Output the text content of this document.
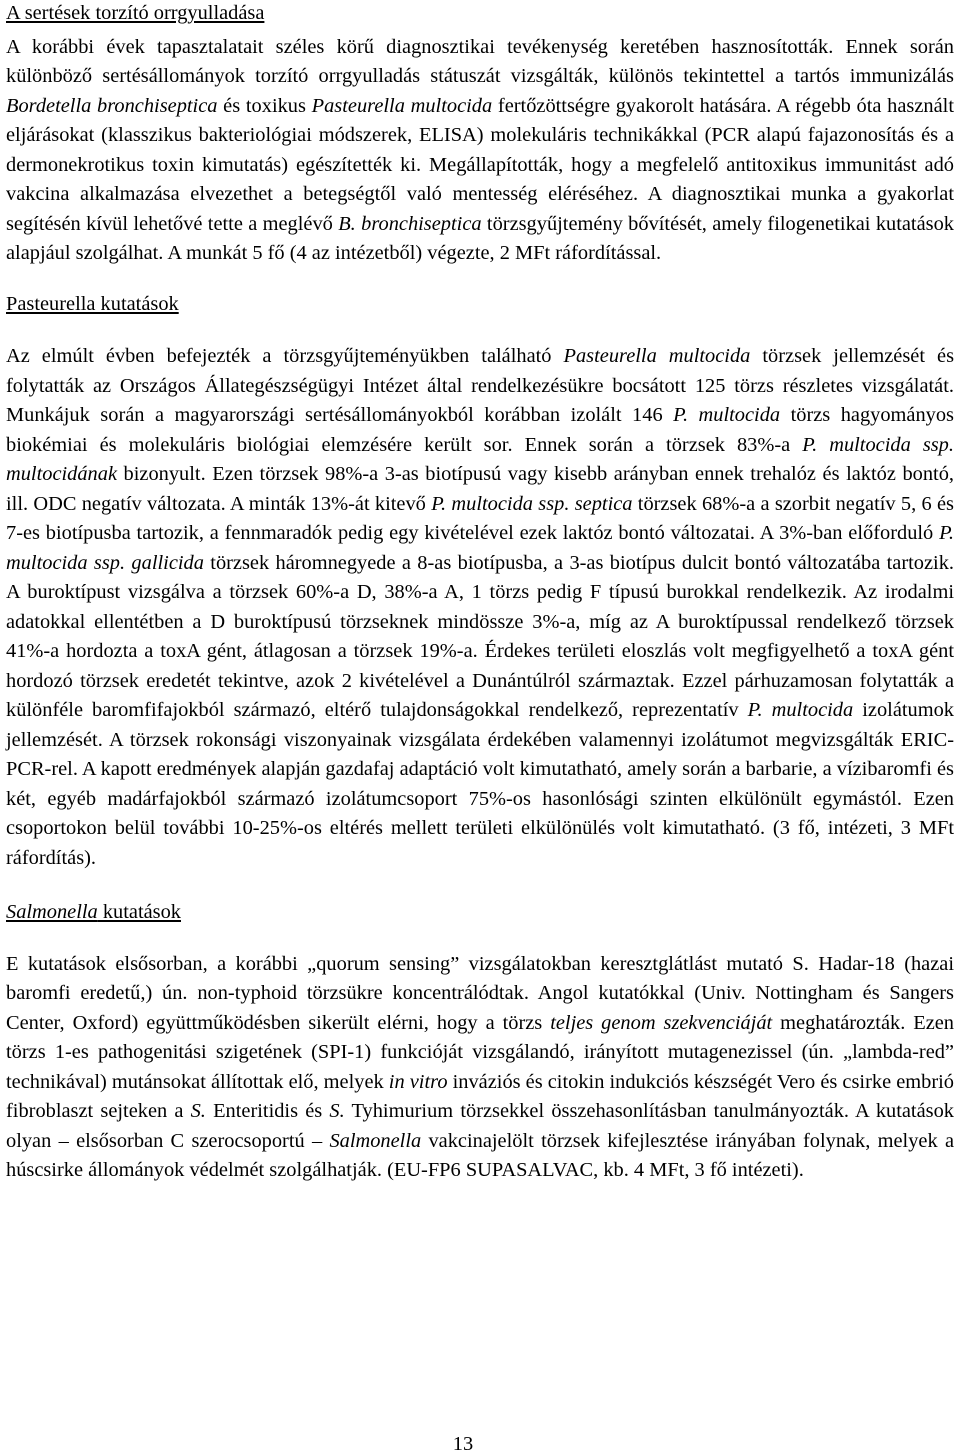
A sertések torzító orrgyulladása

A korábbi évek tapasztalatait széles körű diagnosztikai tevékenység keretében hasznosították. Ennek során különböző sertésállományok torzító orrgyulladás státuszát vizsgálták, különös tekintettel a tartós immunizálás Bordetella bronchiseptica és toxikus Pasteurella multocida fertőzöttségre gyakorolt hatására. A régebb óta használt eljárásokat (klasszikus bakteriológiai módszerek, ELISA) molekuláris technikákkal (PCR alapú fajazonosítás és a dermonekrotikus toxin kimutatás) egészítették ki. Megállapították, hogy a megfelelő antitoxikus immunitást adó vakcina alkalmazása elvezethet a betegségtől való mentesség eléréséhez. A diagnosztikai munka a gyakorlat segítésén kívül lehetővé tette a meglévő B. bronchiseptica törzsgyűjtemény bővítését, amely filogenetikai kutatások alapjául szolgálhat. A munkát 5 fő (4 az intézetből) végezte, 2 MFt ráfordítással.

Pasteurella kutatások

Az elmúlt évben befejezték a törzsgyűjteményükben található Pasteurella multocida törzsek jellemzését és folytatták az Országos Állategészségügyi Intézet által rendelkezésükre bocsátott 125 törzs részletes vizsgálatát. Munkájuk során a magyarországi sertésállományokból korábban izolált 146 P. multocida törzs hagyományos biokémiai és molekuláris biológiai elemzésére került sor. Ennek során a törzsek 83%-a P. multocida ssp. multocidának bizonyult. Ezen törzsek 98%-a 3-as biotípusú vagy kisebb arányban ennek trehalóz és laktóz bontó, ill. ODC negatív változata. A minták 13%-át kitevő P. multocida ssp. septica törzsek 68%-a a szorbit negatív 5, 6 és 7-es biotípusba tartozik, a fennmaradók pedig egy kivételével ezek laktóz bontó változatai. A 3%-ban előforduló P. multocida ssp. gallicida törzsek háromnegyede a 8-as biotípusba, a 3-as biotípus dulcit bontó változatába tartozik. A buroktípust vizsgálva a törzsek 60%-a D, 38%-a A, 1 törzs pedig F típusú burokkal rendelkezik. Az irodalmi adatokkal ellentétben a D buroktípusú törzseknek mindössze 3%-a, míg az A buroktípussal rendelkező törzsek 41%-a hordozta a toxA gént, átlagosan a törzsek 19%-a. Érdekes területi eloszlás volt megfigyelhető a toxA gént hordozó törzsek eredetét tekintve, azok 2 kivételével a Dunántúlról származtak. Ezzel párhuzamosan folytatták a különféle baromfifajokból származó, eltérő tulajdonságokkal rendelkező, reprezentatív P. multocida izolátumok jellemzését. A törzsek rokonsági viszonyainak vizsgálata érdekében valamennyi izolátumot megvizsgálták ERIC-PCR-rel. A kapott eredmények alapján gazdafaj adaptáció volt kimutatható, amely során a barbarie, a vízibaromfi és két, egyéb madárfajokból származó izolátumcsoport 75%-os hasonlósági szinten elkülönült egymástól. Ezen csoportokon belül további 10-25%-os eltérés mellett területi elkülönülés volt kimutatható. (3 fő, intézeti, 3 MFt ráfordítás).

Salmonella kutatások

E kutatások elsősorban, a korábbi „quorum sensing” vizsgálatokban keresztglátlást mutató S. Hadar-18 (hazai baromfi eredetű,) ún. non-typhoid törzsükre koncentrálódtak. Angol kutatókkal (Univ. Nottingham és Sangers Center, Oxford) együttműködésben sikerült elérni, hogy a törzs teljes genom szekvenciáját meghatározták. Ezen törzs 1-es pathogenitási szigetének (SPI-1) funkcióját vizsgálandó, irányított mutagenezissel (ún. „lambda-red” technikával) mutánsokat állítottak elő, melyek in vitro inváziós és citokin indukciós készségét Vero és csirke embrió fibroblaszt sejteken a S. Enteritidis és S. Tyhimurium törzsekkel összehasonlításban tanulmányozták. A kutatások olyan – elsősorban C szerocsoportú – Salmonella vakcinajelölt törzsek kifejlesztése irányában folynak, melyek a húscsirke állományok védelmét szolgálhatják. (EU-FP6 SUPASALVAC, kb. 4 MFt, 3 fő intézeti).

13
